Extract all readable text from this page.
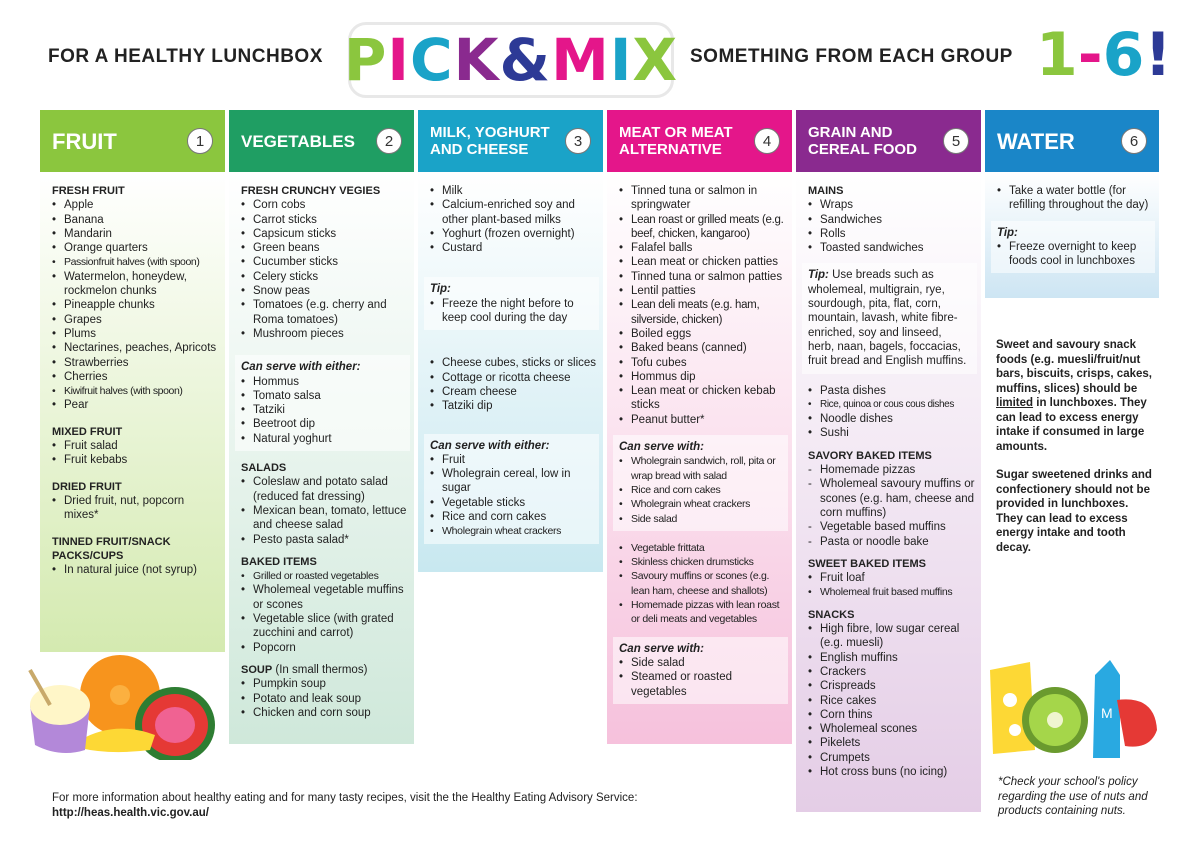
FOR A HEALTHY LUNCHBOX P I C K & M I X SOMETHING FROM EACH GROUP 1-6!
FRUIT	1
FRESH FRUIT
• Apple
• Banana
• Mandarin
• Orange quarters
• Passionfruit halves (with spoon)
• Watermelon, honeydew, rockmelon chunks
• Pineapple chunks
• Grapes
• Plums
• Nectarines, peaches, Apricots
• Strawberries
• Cherries
• Kiwifruit halves (with spoon)
• Pear
MIXED FRUIT
• Fruit salad
• Fruit kebabs
DRIED FRUIT
• Dried fruit, nut, popcorn mixes*
TINNED FRUIT/SNACK PACKS/CUPS
• In natural juice (not syrup)
VEGETABLES	2
FRESH CRUNCHY VEGIES
• Corn cobs
• Carrot sticks
• Capsicum sticks
• Green beans
• Cucumber sticks
• Celery sticks
• Snow peas
• Tomatoes (e.g. cherry and Roma tomatoes)
• Mushroom pieces
Can serve with either:
• Hommus
• Tomato salsa
• Tatziki
• Beetroot dip
• Natural yoghurt
SALADS
• Coleslaw and potato salad (reduced fat dressing)
• Mexican bean, tomato, lettuce and cheese salad
• Pesto pasta salad*
BAKED ITEMS
• Grilled or roasted vegetables
• Wholemeal vegetable muffins or scones
• Vegetable slice (with grated zucchini and carrot)
• Popcorn
SOUP (In small thermos)
• Pumpkin soup
• Potato and leak soup
• Chicken and corn soup
MILK, YOGHURT AND CHEESE	3
• Milk
• Calcium-enriched soy and other plant-based milks
• Yoghurt (frozen overnight)
• Custard
Tip:
• Freeze the night before to keep cool during the day
• Cheese cubes, sticks or slices
• Cottage or ricotta cheese
• Cream cheese
• Tatziki dip
Can serve with either:
• Fruit
• Wholegrain cereal, low in sugar
• Vegetable sticks
• Rice and corn cakes
• Wholegrain wheat crackers
MEAT OR MEAT ALTERNATIVE	4
• Tinned tuna or salmon in springwater
• Lean roast or grilled meats (e.g. beef, chicken, kangaroo)
• Falafel balls
• Lean meat or chicken patties
• Tinned tuna or salmon patties
• Lentil patties
• Lean deli meats (e.g. ham, silverside, chicken)
• Boiled eggs
• Baked beans (canned)
• Tofu cubes
• Hommus dip
• Lean meat or chicken kebab sticks
• Peanut butter*
Can serve with:
• Wholegrain sandwich, roll, pita or wrap bread with salad
• Rice and corn cakes
• Wholegrain wheat crackers
• Side salad
• Vegetable frittata
• Skinless chicken drumsticks
• Savoury muffins or scones (e.g. lean ham, cheese and shallots)
• Homemade pizzas with lean roast or deli meats and vegetables
Can serve with:
• Side salad
• Steamed or roasted vegetables
GRAIN AND CEREAL FOOD	5
MAINS
• Wraps
• Sandwiches
• Rolls
• Toasted sandwiches
Tip: Use breads such as wholemeal, multigrain, rye, sourdough, pita, flat, corn, mountain, lavash, white fibre-enriched, soy and linseed, herb, naan, bagels, foccacias, fruit bread and English muffins.
• Pasta dishes
• Rice, quinoa or cous cous dishes
• Noodle dishes
• Sushi
SAVORY BAKED ITEMS
- Homemade pizzas
- Wholemeal savoury muffins or scones (e.g. ham, cheese and corn muffins)
- Vegetable based muffins
- Pasta or noodle bake
SWEET BAKED ITEMS
• Fruit loaf
• Wholemeal fruit based muffins
SNACKS
• High fibre, low sugar cereal (e.g. muesli)
• English muffins
• Crackers
• Crispreads
• Rice cakes
• Corn thins
• Wholemeal scones
• Pikelets
• Crumpets
• Hot cross buns (no icing)
WATER	6
• Take a water bottle (for refilling throughout the day)
Tip:
• Freeze overnight to keep foods cool in lunchboxes
Sweet and savoury snack foods (e.g. muesli/fruit/nut bars, biscuits, crisps, cakes, muffins, slices) should be limited in lunchboxes. They can lead to excess energy intake if consumed in large amounts.
Sugar sweetened drinks and confectionery should not be provided in lunchboxes. They can lead to excess energy intake and tooth decay.
M
*Check your school's policy regarding the use of nuts and products containing nuts.
For more information about healthy eating and for many tasty recipes, visit the the Healthy Eating Advisory Service:
http://heas.health.vic.gov.au/
